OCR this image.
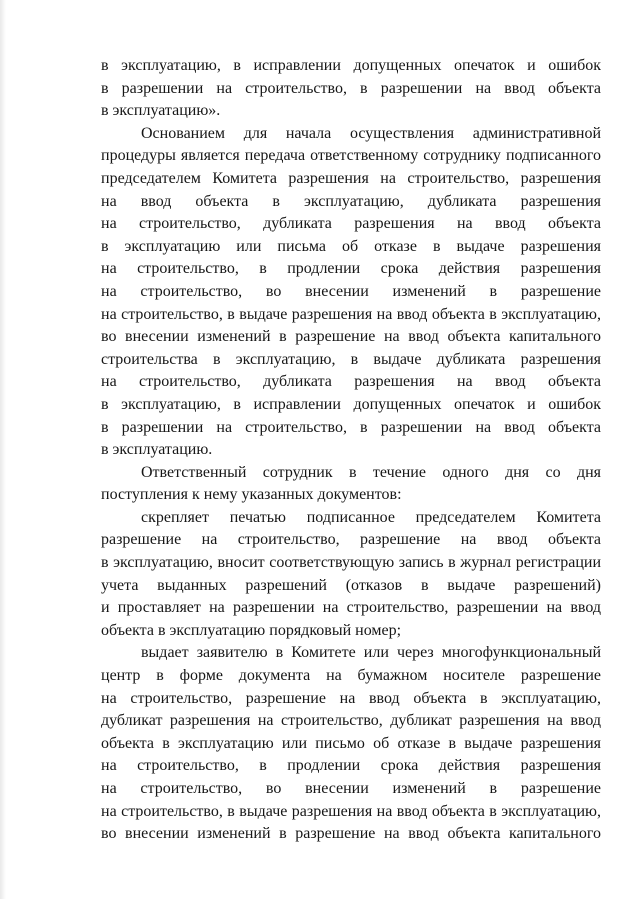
в эксплуатацию, в исправлении допущенных опечаток и ошибок
в разрешении на строительство, в разрешении на ввод объекта
в эксплуатацию».
Основанием для начала осуществления административной
процедуры является передача ответственному сотруднику подписанного
председателем Комитета разрешения на строительство, разрешения
на ввод объекта в эксплуатацию, дубликата разрешения
на строительство, дубликата разрешения на ввод объекта
в эксплуатацию или письма об отказе в выдаче разрешения
на строительство, в продлении срока действия разрешения
на строительство, во внесении изменений в разрешение
на строительство, в выдаче разрешения на ввод объекта в эксплуатацию,
во внесении изменений в разрешение на ввод объекта капитального
строительства в эксплуатацию, в выдаче дубликата разрешения
на строительство, дубликата разрешения на ввод объекта
в эксплуатацию, в исправлении допущенных опечаток и ошибок
в разрешении на строительство, в разрешении на ввод объекта
в эксплуатацию.
Ответственный сотрудник в течение одного дня со дня
поступления к нему указанных документов:
скрепляет печатью подписанное председателем Комитета
разрешение на строительство, разрешение на ввод объекта
в эксплуатацию, вносит соответствующую запись в журнал регистрации
учета выданных разрешений (отказов в выдаче разрешений)
и проставляет на разрешении на строительство, разрешении на ввод
объекта в эксплуатацию порядковый номер;
выдает заявителю в Комитете или через многофункциональный
центр в форме документа на бумажном носителе разрешение
на строительство, разрешение на ввод объекта в эксплуатацию,
дубликат разрешения на строительство, дубликат разрешения на ввод
объекта в эксплуатацию или письмо об отказе в выдаче разрешения
на строительство, в продлении срока действия разрешения
на строительство, во внесении изменений в разрешение
на строительство, в выдаче разрешения на ввод объекта в эксплуатацию,
во внесении изменений в разрешение на ввод объекта капитального
